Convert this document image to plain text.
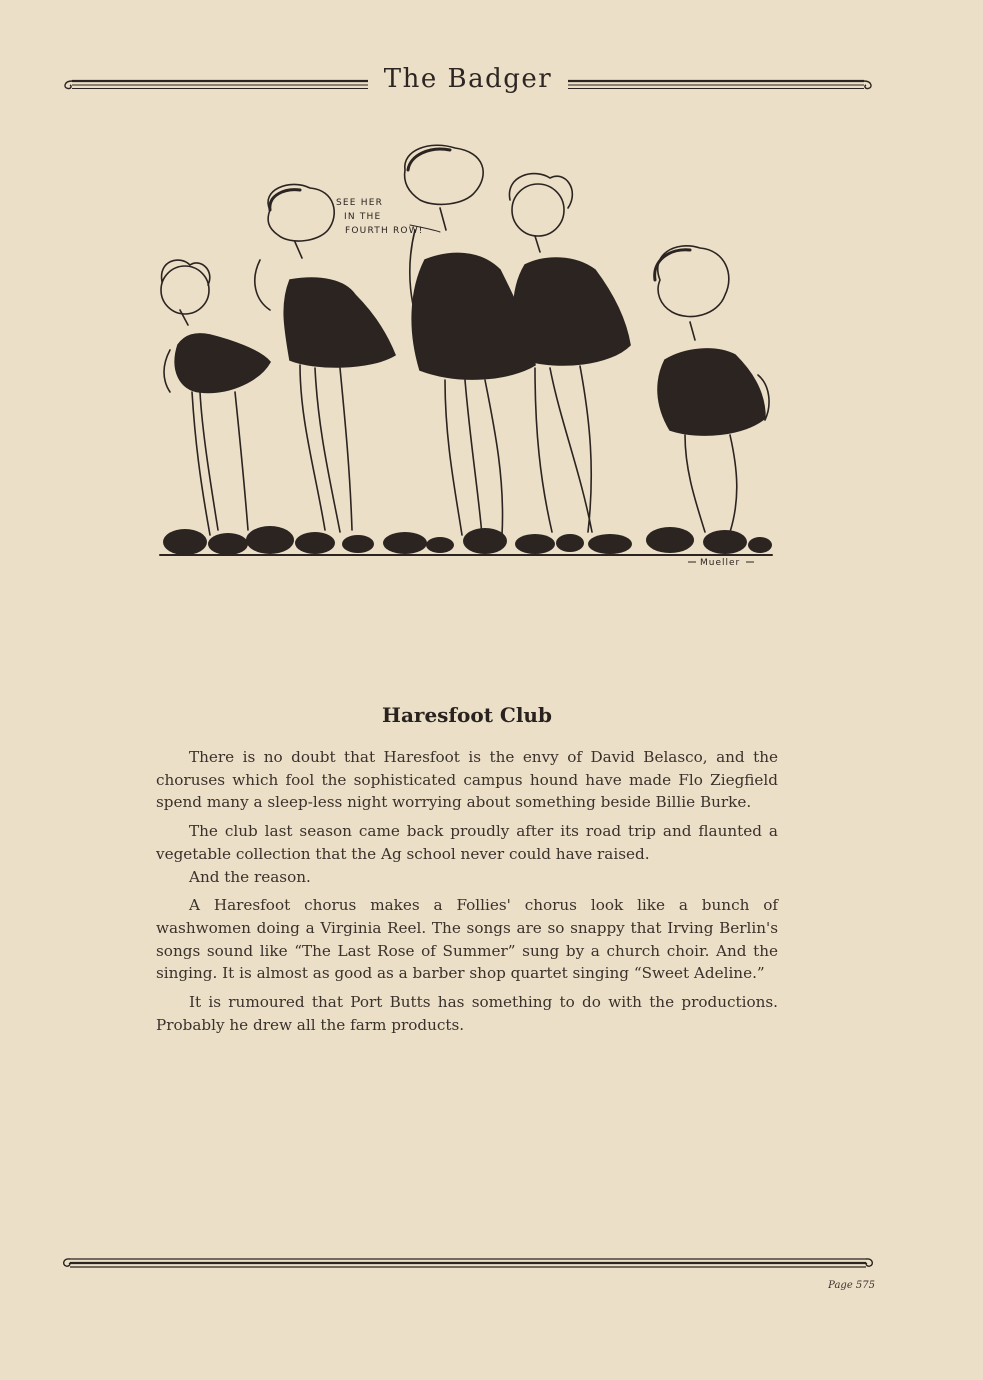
The Badger
SEE HER
IN THE
FOURTH ROW!
Mueller
Haresfoot Club

There is no doubt that Haresfoot is the envy of David Belasco, and the choruses which fool the sophisticated campus hound have made Flo Ziegfield spend many a sleep-less night worrying about something beside Billie Burke.

The club last season came back proudly after its road trip and flaunted a vegetable collection that the Ag school never could have raised.

And the reason.

A Haresfoot chorus makes a Follies' chorus look like a bunch of washwomen doing a Virginia Reel. The songs are so snappy that Irving Berlin's songs sound like “The Last Rose of Summer” sung by a church choir. And the singing. It is almost as good as a barber shop quartet singing “Sweet Adeline.”

It is rumoured that Port Butts has something to do with the productions. Probably he drew all the farm products.

Page 575
